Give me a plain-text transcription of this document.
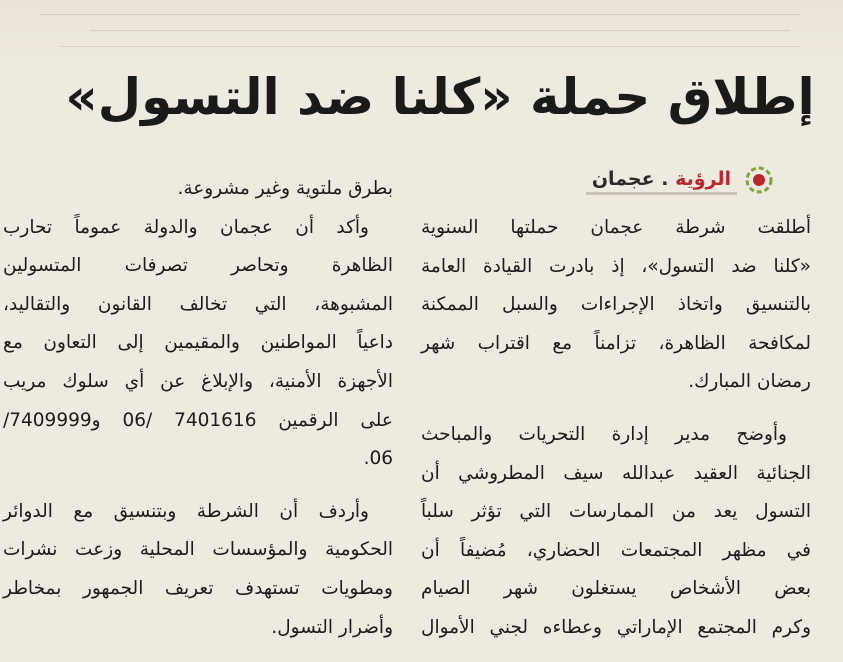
إطلاق حملة «كلنا ضد التسول»
الرؤية . عجمان

أطلقت شرطة عجمان حملتها السنوية
«كلنا ضد التسول»، إذ بادرت القيادة العامة
بالتنسيق واتخاذ الإجراءات والسبل الممكنة
لمكافحة الظاهرة، تزامناً مع اقتراب شهر
رمضان المبارك.

وأوضح مدير إدارة التحريات والمباحث
الجنائية العقيد عبدالله سيف المطروشي أن
التسول يعد من الممارسات التي تؤثر سلباً
في مظهر المجتمعات الحضاري، مُضيفاً أن
بعض الأشخاص يستغلون شهر الصيام
وكرم المجتمع الإماراتي وعطاءه لجني الأموال

بطرق ملتوية وغير مشروعة.

وأكد أن عجمان والدولة عموماً تحارب
الظاهرة وتحاصر تصرفات المتسولين
المشبوهة، التي تخالف القانون والتقاليد،
داعياً المواطنين والمقيمين إلى التعاون مع
الأجهزة الأمنية، والإبلاغ عن أي سلوك مريب
على الرقمين 7401616 /06 و7409999/
06.

وأردف أن الشرطة وبتنسيق مع الدوائر
الحكومية والمؤسسات المحلية وزعت نشرات
ومطويات تستهدف تعريف الجمهور بمخاطر
وأضرار التسول.
